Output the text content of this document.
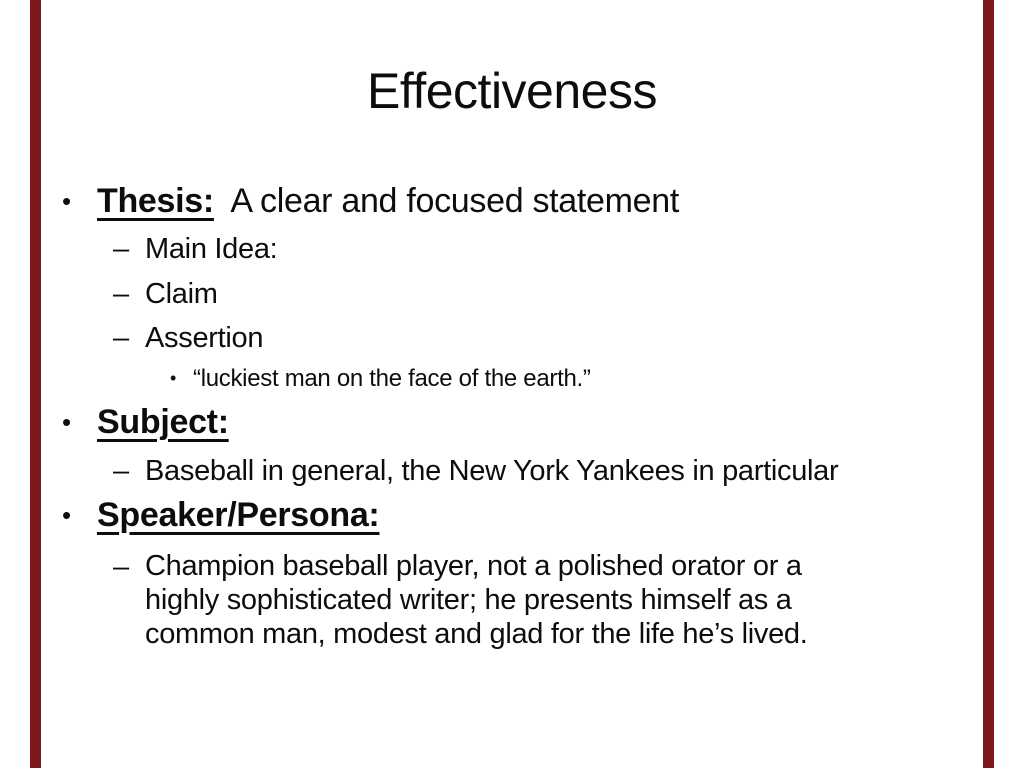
Effectiveness
• Thesis:  A clear and focused statement
– Main Idea:
– Claim
– Assertion
• “luckiest man on the face of the earth.”
• Subject:
– Baseball in general, the New York Yankees in particular
• Speaker/Persona:
– Champion baseball player, not a polished orator or a
highly sophisticated writer; he presents himself as a
common man, modest and glad for the life he’s lived.
